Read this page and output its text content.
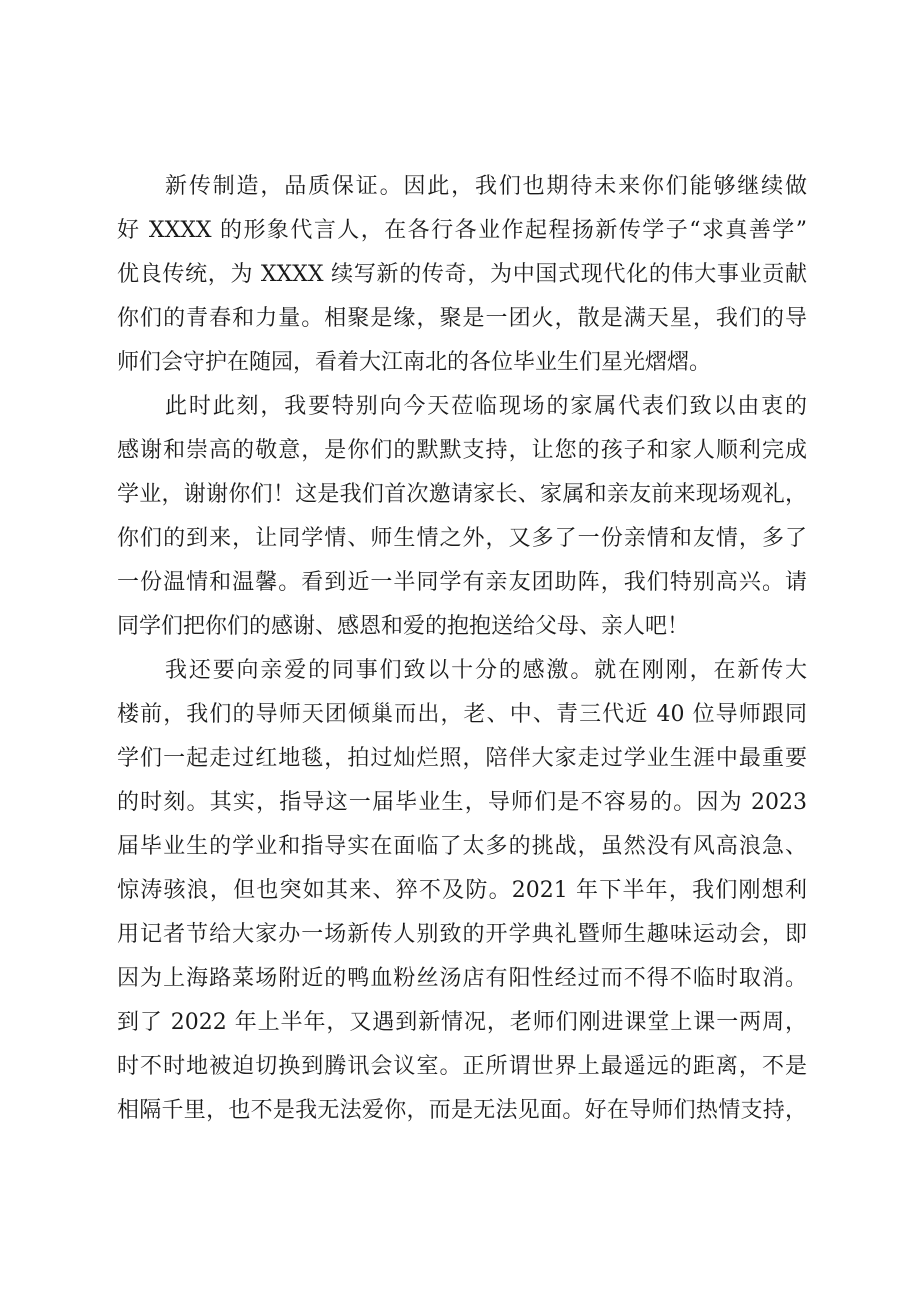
新传制造，品质保证。因此，我们也期待未来你们能够继续做
好 XXXX 的形象代言人，在各行各业作起程扬新传学子“求真善学”
优良传统，为 XXXX 续写新的传奇，为中国式现代化的伟大事业贡献
你们的青春和力量。相聚是缘，聚是一团火，散是满天星，我们的导
师们会守护在随园，看着大江南北的各位毕业生们星光熠熠。
此时此刻，我要特别向今天莅临现场的家属代表们致以由衷的
感谢和崇高的敬意，是你们的默默支持，让您的孩子和家人顺利完成
学业，谢谢你们！这是我们首次邀请家长、家属和亲友前来现场观礼，
你们的到来，让同学情、师生情之外，又多了一份亲情和友情，多了
一份温情和温馨。看到近一半同学有亲友团助阵，我们特别高兴。请
同学们把你们的感谢、感恩和爱的抱抱送给父母、亲人吧！
我还要向亲爱的同事们致以十分的感激。就在刚刚，在新传大
楼前，我们的导师天团倾巢而出，老、中、青三代近 40 位导师跟同
学们一起走过红地毯，拍过灿烂照，陪伴大家走过学业生涯中最重要
的时刻。其实，指导这一届毕业生，导师们是不容易的。因为 2023
届毕业生的学业和指导实在面临了太多的挑战，虽然没有风高浪急、
惊涛骇浪，但也突如其来、猝不及防。2021 年下半年，我们刚想利
用记者节给大家办一场新传人别致的开学典礼暨师生趣味运动会，即
因为上海路菜场附近的鸭血粉丝汤店有阳性经过而不得不临时取消。
到了 2022 年上半年，又遇到新情况，老师们刚进课堂上课一两周，
时不时地被迫切换到腾讯会议室。正所谓世界上最遥远的距离，不是
相隔千里，也不是我无法爱你，而是无法见面。好在导师们热情支持，
